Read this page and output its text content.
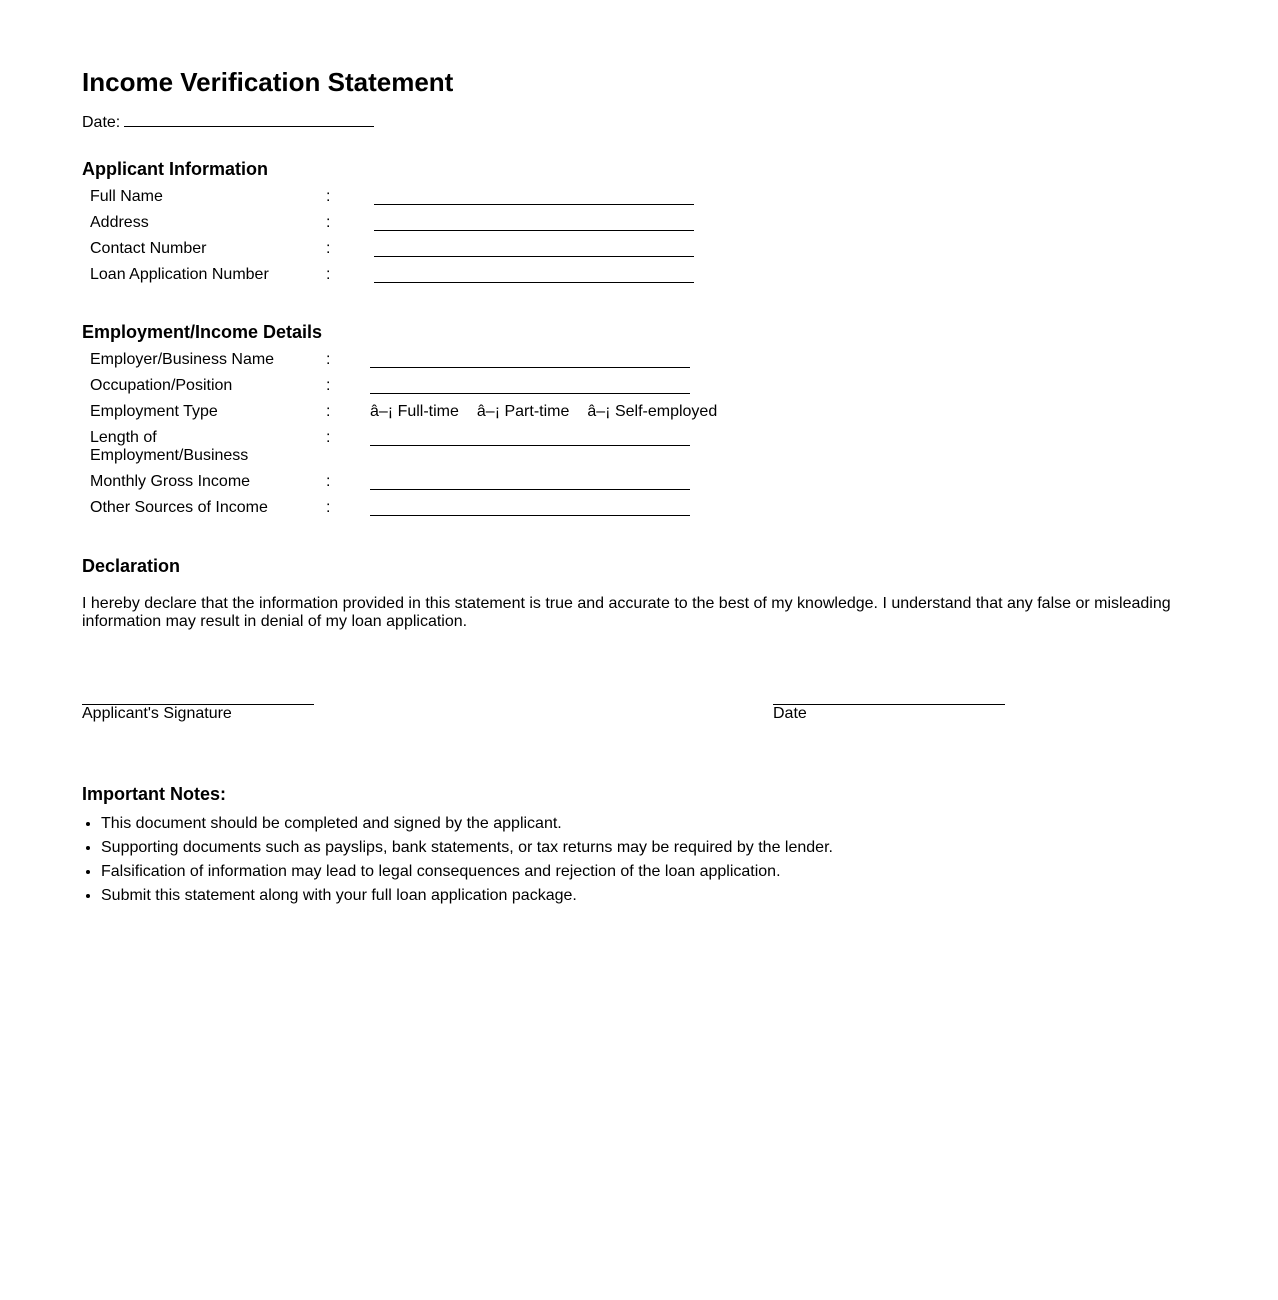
Income Verification Statement
Date:
Applicant Information
Full Name	:	

Address	:	

Contact Number	:	

Loan Application Number	:	
Employment/Income Details
Employer/Business Name	:	

Occupation/Position	:	

Employment Type	:	â–¡ Full-time â–¡ Part-time â–¡ Self-employed

Length of Employment/Business	:	

Monthly Gross Income	:	

Other Sources of Income	:	
Declaration

I hereby declare that the information provided in this statement is true and accurate to the best of my knowledge. I understand that any false or misleading information may result in denial of my loan application.

Applicant's Signature	Date
Important Notes:
• This document should be completed and signed by the applicant.
• Supporting documents such as payslips, bank statements, or tax returns may be required by the lender.
• Falsification of information may lead to legal consequences and rejection of the loan application.
• Submit this statement along with your full loan application package.
